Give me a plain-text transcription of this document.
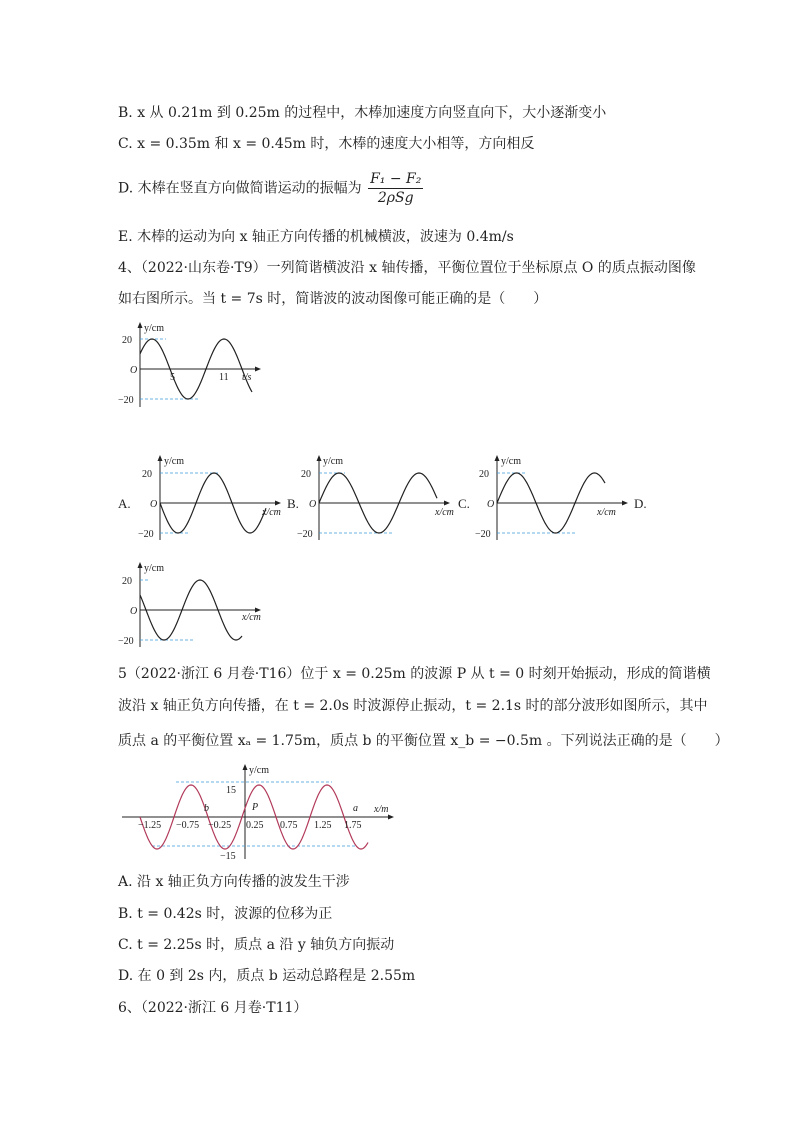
B. x 从 0.21m 到 0.25m 的过程中，木棒加速度方向竖直向下，大小逐渐变小
C. x = 0.35m 和 x = 0.45m 时，木棒的速度大小相等，方向相反
D. 木棒在竖直方向做简谐运动的振幅为 $\frac{\text{F₁ − F₂}}{\text{2ρSg}}$
E. 木棒的运动为向 x 轴正方向传播的机械横波，波速为 0.4m/s
4、（2022·山东卷·T9）一列简谐横波沿 x 轴传播，平衡位置位于坐标原点 O 的质点振动图像
如右图所示。当 t = 7s 时，简谐波的波动图像可能正确的是（　　）
y/cm
20
−20
O
5	11 t/s
A.
y/cm
20
−20
O
x/cm
B.
y/cm
20
−20
O
x/cm
C.
y/cm
20
−20
O
x/cm
D.
y/cm
20
−20
O
x/cm
5（2022·浙江 6 月卷·T16）位于 x = 0.25m 的波源 P 从 t = 0 时刻开始振动，形成的简谐横
波沿 x 轴正负方向传播，在 t = 2.0s 时波源停止振动，t = 2.1s 时的部分波形如图所示，其中
质点 a 的平衡位置 xₐ = 1.75m，质点 b 的平衡位置 x_b = −0.5m 。下列说法正确的是（　　）
y/cm
15
−15
x/m
−1.25 −0.75 −0.25 0.25 0.75 1.25 1.75
b	P	a
A. 沿 x 轴正负方向传播的波发生干涉
B. t = 0.42s 时，波源的位移为正
C. t = 2.25s 时，质点 a 沿 y 轴负方向振动
D. 在 0 到 2s 内，质点 b 运动总路程是 2.55m
6、（2022·浙江 6 月卷·T11）
